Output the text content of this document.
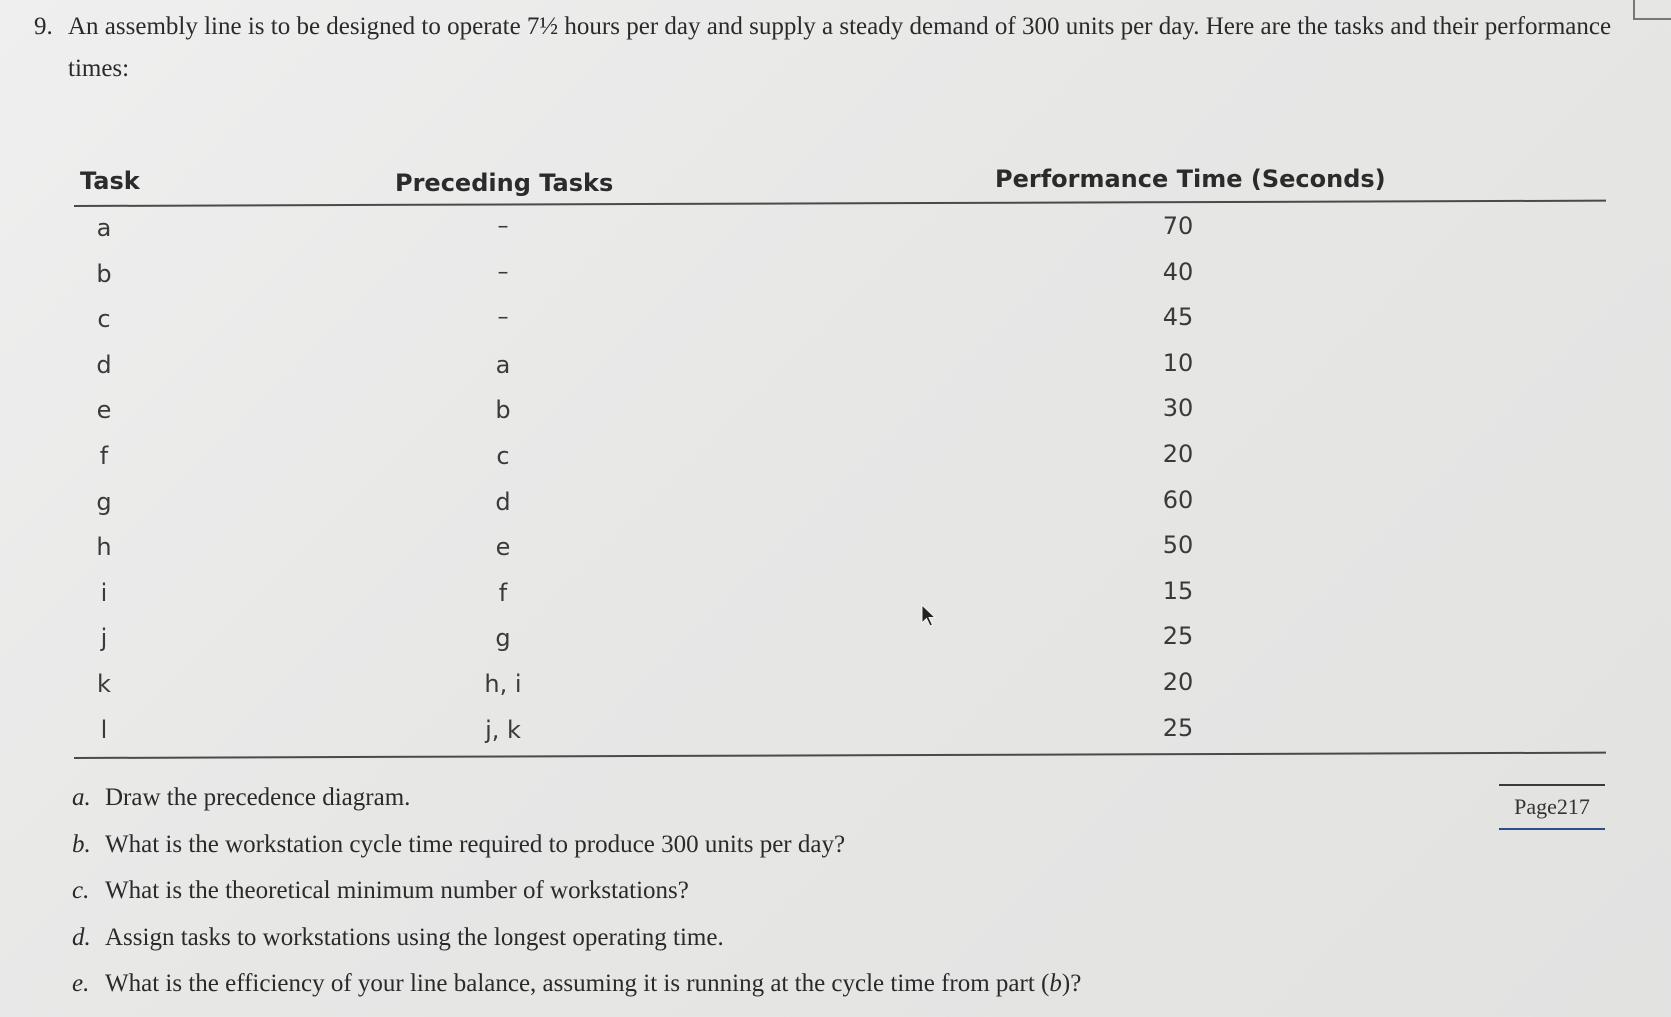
9. An assembly line is to be designed to operate 7½ hours per day and supply a steady demand of 300 units per day. Here are the tasks and their performance times:
Task	Preceding Tasks	Performance Time (Seconds)
a	–	70
b	–	40
c	–	45
d	a	10
e	b	30
f	c	20
g	d	60
h	e	50
i	f	15
j	g	25
k	h, i	20
l	j, k	25
a. Draw the precedence diagram.
b. What is the workstation cycle time required to produce 300 units per day?
c. What is the theoretical minimum number of workstations?
d. Assign tasks to workstations using the longest operating time.
e. What is the efficiency of your line balance, assuming it is running at the cycle time from part (b)?
Page217
